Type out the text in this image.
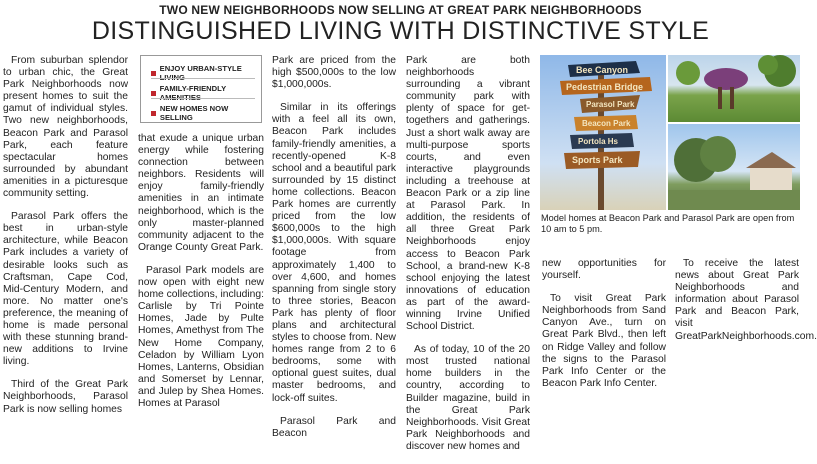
TWO NEW NEIGHBORHOODS NOW SELLING AT GREAT PARK NEIGHBORHOODS
DISTINGUISHED LIVING WITH DISTINCTIVE STYLE

From suburban splendor to urban chic, the Great Park Neighborhoods now present homes to suit the gamut of individual styles. Two new neighborhoods, Beacon Park and Parasol Park, each feature spectacular homes surrounded by abundant amenities in a picturesque community setting.

Parasol Park offers the best in urban-style architecture, while Beacon Park includes a variety of desirable looks such as Craftsman, Cape Cod, Mid-Century Modern, and more. No matter one's preference, the meaning of home is made personal with these stunning brand-new additions to Irvine living.

Third of the Great Park Neighborhoods, Parasol Park is now selling homes

ENJOY URBAN-STYLE LIVING
FAMILY-FRIENDLY AMENITIES
NEW HOMES NOW SELLING

that exude a unique urban energy while fostering connection between neighbors. Residents will enjoy family-friendly amenities in an intimate neighborhood, which is the only master-planned community adjacent to the Orange County Great Park.

Parasol Park models are now open with eight new home collections, including: Carlisle by Tri Pointe Homes, Jade by Pulte Homes, Amethyst from The New Home Company, Celadon by William Lyon Homes, Lanterns, Obsidian and Somerset by Lennar, and Julep by Shea Homes. Homes at Parasol

Park are priced from the high $500,000s to the low $1,000,000s.

Similar in its offerings with a feel all its own, Beacon Park includes family-friendly amenities, a recently-opened K-8 school and a beautiful park surrounded by 15 distinct home collections. Beacon Park homes are currently priced from the low $600,000s to the high $1,000,000s. With square footage from approximately 1,400 to over 4,600, and homes spanning from single story to three stories, Beacon Park has plenty of floor plans and architectural styles to choose from. New homes range from 2 to 6 bedrooms, some with optional guest suites, dual master bedrooms, and lock-off suites.

Parasol Park and Beacon

Park are both neighborhoods surrounding a vibrant community park with plenty of space for get-togethers and gatherings. Just a short walk away are multi-purpose sports courts, and even interactive playgrounds including a treehouse at Beacon Park or a zip line at Parasol Park. In addition, the residents of all three Great Park Neighborhoods enjoy access to Beacon Park School, a brand-new K-8 school enjoying the latest innovations of education as part of the award-winning Irvine Unified School District.

As of today, 10 of the 20 most trusted national home builders in the country, according to Builder magazine, build in the Great Park Neighborhoods. Visit Great Park Neighborhoods and discover new homes and

Bee Canyon
Pedestrian Bridge
Parasol Park
Beacon Park
Portola Hs
Sports Park
Model homes at Beacon Park and Parasol Park are open from 10 am to 5 pm.

new opportunities for yourself.

To visit Great Park Neighborhoods from Sand Canyon Ave., turn on Great Park Blvd., then left on Ridge Valley and follow the signs to the Parasol Park Info Center or the Beacon Park Info Center.

To receive the latest news about Great Park Neighborhoods and information about Parasol Park and Beacon Park, visit GreatParkNeighborhoods.com.
